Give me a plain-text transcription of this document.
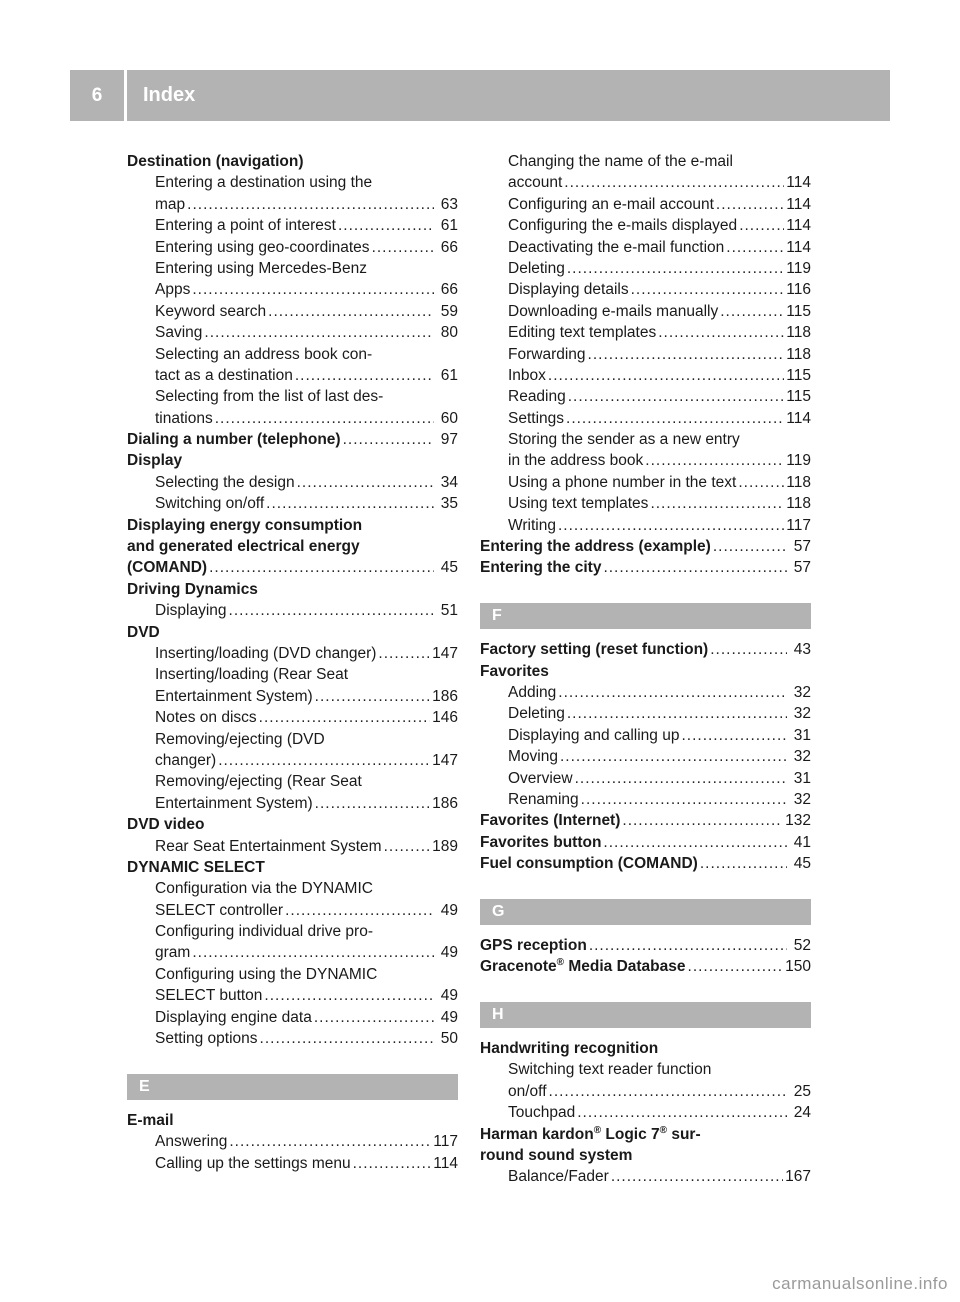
6	Index
Destination (navigation)
Entering a destination using the
map .....	63
Entering a point of interest .....	61
Entering using geo-coordinates .....	66
Entering using Mercedes-Benz
Apps .....	66
Keyword search .....	59
Saving .....	80
Selecting an address book con-
tact as a destination .....	61
Selecting from the list of last des-
tinations .....	60
Dialing a number (telephone) .....	97
Display
Selecting the design .....	34
Switching on/off .....	35
Displaying energy consumption
and generated electrical energy
(COMAND) .....	45
Driving Dynamics
Displaying .....	51
DVD
Inserting/loading (DVD changer) .....	147
Inserting/loading (Rear Seat
Entertainment System) .....	186
Notes on discs .....	146
Removing/ejecting (DVD
changer) .....	147
Removing/ejecting (Rear Seat
Entertainment System) .....	186
DVD video
Rear Seat Entertainment System .....	189
DYNAMIC SELECT
Configuration via the DYNAMIC
SELECT controller .....	49
Configuring individual drive pro-
gram .....	49
Configuring using the DYNAMIC
SELECT button .....	49
Displaying engine data .....	49
Setting options .....	50
E
E-mail
Answering .....	117
Calling up the settings menu .....	114
Changing the name of the e-mail
account .....	114
Configuring an e-mail account .....	114
Configuring the e-mails displayed .....	114
Deactivating the e-mail function .....	114
Deleting .....	119
Displaying details .....	116
Downloading e-mails manually .....	115
Editing text templates .....	118
Forwarding .....	118
Inbox .....	115
Reading .....	115
Settings .....	114
Storing the sender as a new entry
in the address book .....	119
Using a phone number in the text .....	118
Using text templates .....	118
Writing .....	117
Entering the address (example) .....	57
Entering the city .....	57
F
Factory setting (reset function) .....	43
Favorites
Adding .....	32
Deleting .....	32
Displaying and calling up .....	31
Moving .....	32
Overview .....	31
Renaming .....	32
Favorites (Internet) .....	132
Favorites button .....	41
Fuel consumption (COMAND) .....	45
G
GPS reception .....	52
Gracenote® Media Database .....	150
H
Handwriting recognition
Switching text reader function
on/off .....	25
Touchpad .....	24
Harman kardon® Logic 7® sur-
round sound system
Balance/Fader .....	167
carmanualsonline.info
